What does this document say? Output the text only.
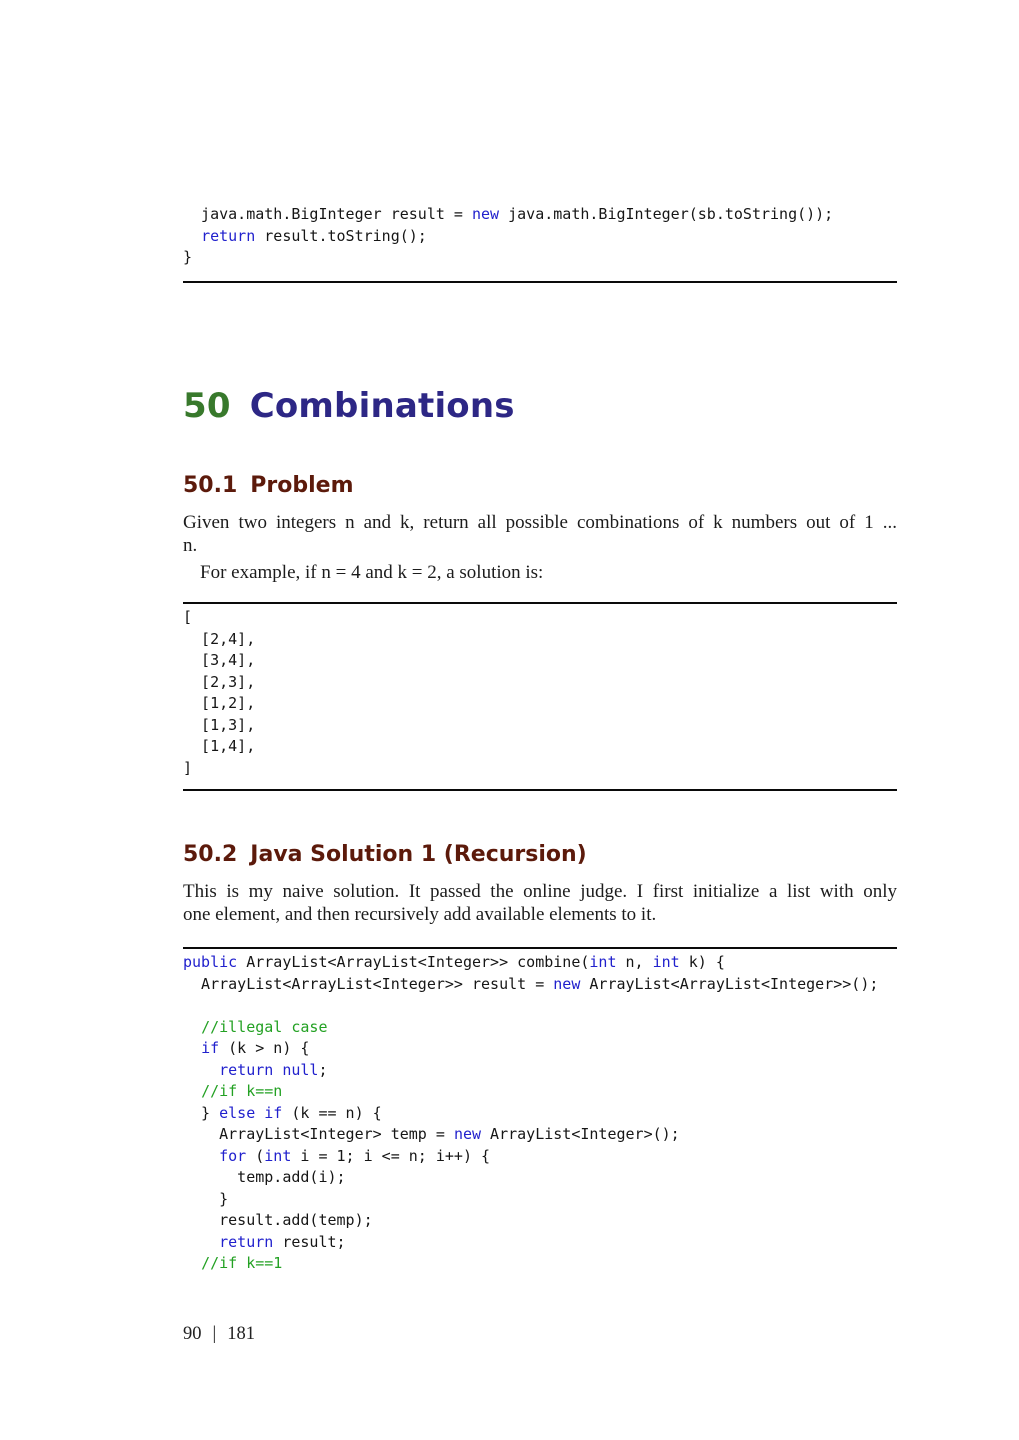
java.math.BigInteger result = new java.math.BigInteger(sb.toString());
return result.toString();
}
50 Combinations
50.1 Problem
Given two integers n and k, return all possible combinations of k numbers out of 1 ...
n.
For example, if n = 4 and k = 2, a solution is:
[
[2,4],
[3,4],
[2,3],
[1,2],
[1,3],
[1,4],
]
50.2 Java Solution 1 (Recursion)
This is my naive solution. It passed the online judge. I first initialize a list with only
one element, and then recursively add available elements to it.
public ArrayList<ArrayList<Integer>> combine(int n, int k) {
ArrayList<ArrayList<Integer>> result = new ArrayList<ArrayList<Integer>>();

//illegal case
if (k > n) {
return null;
//if k==n
} else if (k == n) {
ArrayList<Integer> temp = new ArrayList<Integer>();
for (int i = 1; i <= n; i++) {
temp.add(i);
}
result.add(temp);
return result;
//if k==1
90 | 181
